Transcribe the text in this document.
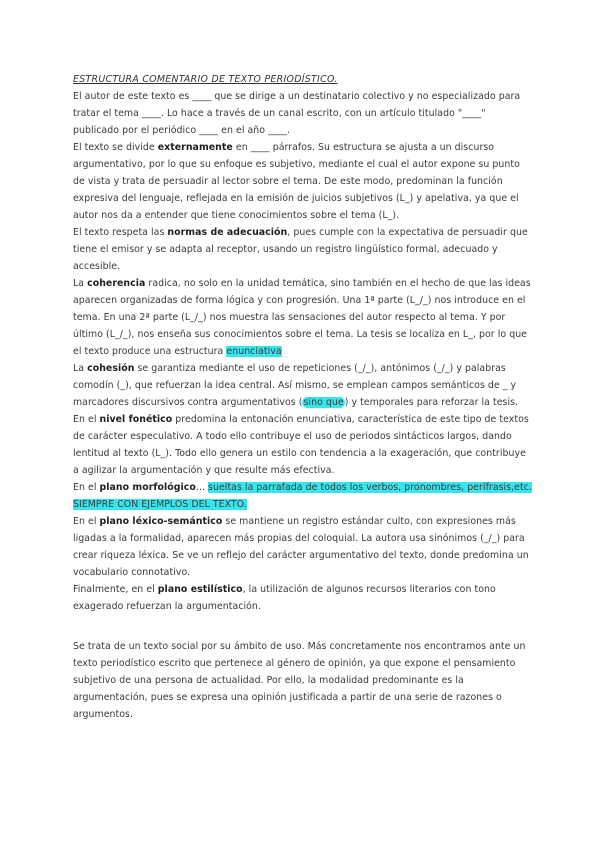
ESTRUCTURA COMENTARIO DE TEXTO PERIODÍSTICO.

El autor de este texto es ____ que se dirige a un destinatario colectivo y no especializado para tratar el tema ____. Lo hace a través de un canal escrito, con un artículo titulado "____" publicado por el periódico ____ en el año ____.

El texto se divide externamente en ____ párrafos. Su estructura se ajusta a un discurso argumentativo, por lo que su enfoque es subjetivo, mediante el cual el autor expone su punto de vista y trata de persuadir al lector sobre el tema. De este modo, predominan la función expresiva del lenguaje, reflejada en la emisión de juicios subjetivos (L_) y apelativa, ya que el autor nos da a entender que tiene conocimientos sobre el tema (L_).

El texto respeta las normas de adecuación, pues cumple con la expectativa de persuadir que tiene el emisor y se adapta al receptor, usando un registro lingüístico formal, adecuado y accesible.

La coherencia radica, no solo en la unidad temática, sino también en el hecho de que las ideas aparecen organizadas de forma lógica y con progresión. Una 1ª parte (L_/_) nos introduce en el tema. En una 2ª parte (L_/_) nos muestra las sensaciones del autor respecto al tema. Y por último (L_/_), nos enseña sus conocimientos sobre el tema. La tesis se localiza en L_, por lo que el texto produce una estructura enunciativa

La cohesión se garantiza mediante el uso de repeticiones (_/_), antónimos (_/_) y palabras comodín (_), que refuerzan la idea central. Así mismo, se emplean campos semánticos de _ y marcadores discursivos contra argumentativos (sino que) y temporales para reforzar la tesis.

En el nivel fonético predomina la entonación enunciativa, característica de este tipo de textos de carácter especulativo. A todo ello contribuye el uso de periodos sintácticos largos, dando lentitud al texto (L_). Todo ello genera un estilo con tendencia a la exageración, que contribuye a agilizar la argumentación y que resulte más efectiva.

En el plano morfológico... sueltas la parrafada de todos los verbos, pronombres, perífrasis,etc. SIEMPRE CON EJEMPLOS DEL TEXTO.

En el plano léxico-semántico se mantiene un registro estándar culto, con expresiones más ligadas a la formalidad, aparecen más propias del coloquial. La autora usa sinónimos (_/_) para crear riqueza léxica. Se ve un reflejo del carácter argumentativo del texto, donde predomina un vocabulario connotativo.

Finalmente, en el plano estilístico, la utilización de algunos recursos literarios con tono exagerado refuerzan la argumentación.

Se trata de un texto social por su ámbito de uso. Más concretamente nos encontramos ante un texto periodístico escrito que pertenece al género de opinión, ya que expone el pensamiento subjetivo de una persona de actualidad. Por ello, la modalidad predominante es la argumentación, pues se expresa una opinión justificada a partir de una serie de razones o argumentos.
